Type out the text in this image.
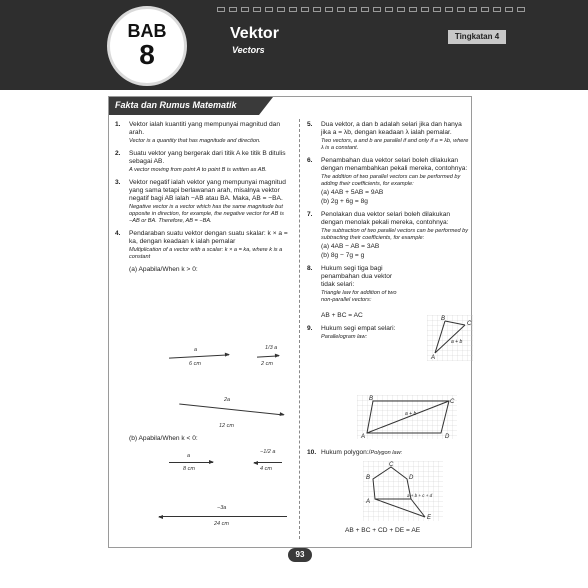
BAB
8
Vektor
Vectors
Tingkatan 4
Fakta dan Rumus Matematik
1. Vektor ialah kuantiti yang mempunyai magnitud dan arah.
Vector is a quantity that has magnitude and direction.
2. Suatu vektor yang bergerak dari titik A ke titik B ditulis sebagai AB.
A vector moving from point A to point B is written as AB.
3. Vektor negatif ialah vektor yang mempunyai magnitud yang sama tetapi berlawanan arah, misalnya vektor negatif bagi AB ialah −AB atau BA. Maka, AB = −BA.
Negative vector is a vector which has the same magnitude but opposite in direction, for example, the negative vector for AB is −AB or BA. Therefore, AB = −BA.
4. Pendaraban suatu vektor dengan suatu skalar: k × a = ka, dengan keadaan k ialah pemalar
Multiplication of a vector with a scalar: k × a = ka, where k is a constant
(a) Apabila/When k > 0:
a
6 cm
1/3 a
2 cm
2a
12 cm
(b) Apabila/When k < 0:
a
8 cm
−1/2 a
4 cm
−3a
24 cm
5. Dua vektor, a dan b adalah selari jika dan hanya jika a = λb, dengan keadaan λ ialah pemalar.
Two vectors, a and b are parallel if and only if a = λb, where λ is a constant.
6. Penambahan dua vektor selari boleh dilakukan dengan menambahkan pekali mereka, contohnya:
The addition of two parallel vectors can be performed by adding their coefficients, for example:
(a) 4AB + 5AB = 9AB
(b) 2g + 6g = 8g
7. Penolakan dua vektor selari boleh dilakukan dengan menolak pekali mereka, contohnya:
The subtraction of two parallel vectors can be performed by subtracting their coefficients, for example:
(a) 4AB − AB = 3AB
(b) 8g − 7g = g
8. Hukum segi tiga bagi penambahan dua vektor tidak selari:
Triangle law for addition of two non-parallel vectors:
AB + BC = AC
9. Hukum segi empat selari:
Parallelogram law:
A
B
C
a + b
A
B	C
D
a + b
10. Hukum polygon:/Polygon law:
A
B
C
D
E
a + b + c + d
AB + BC + CD + DE = AE
93
